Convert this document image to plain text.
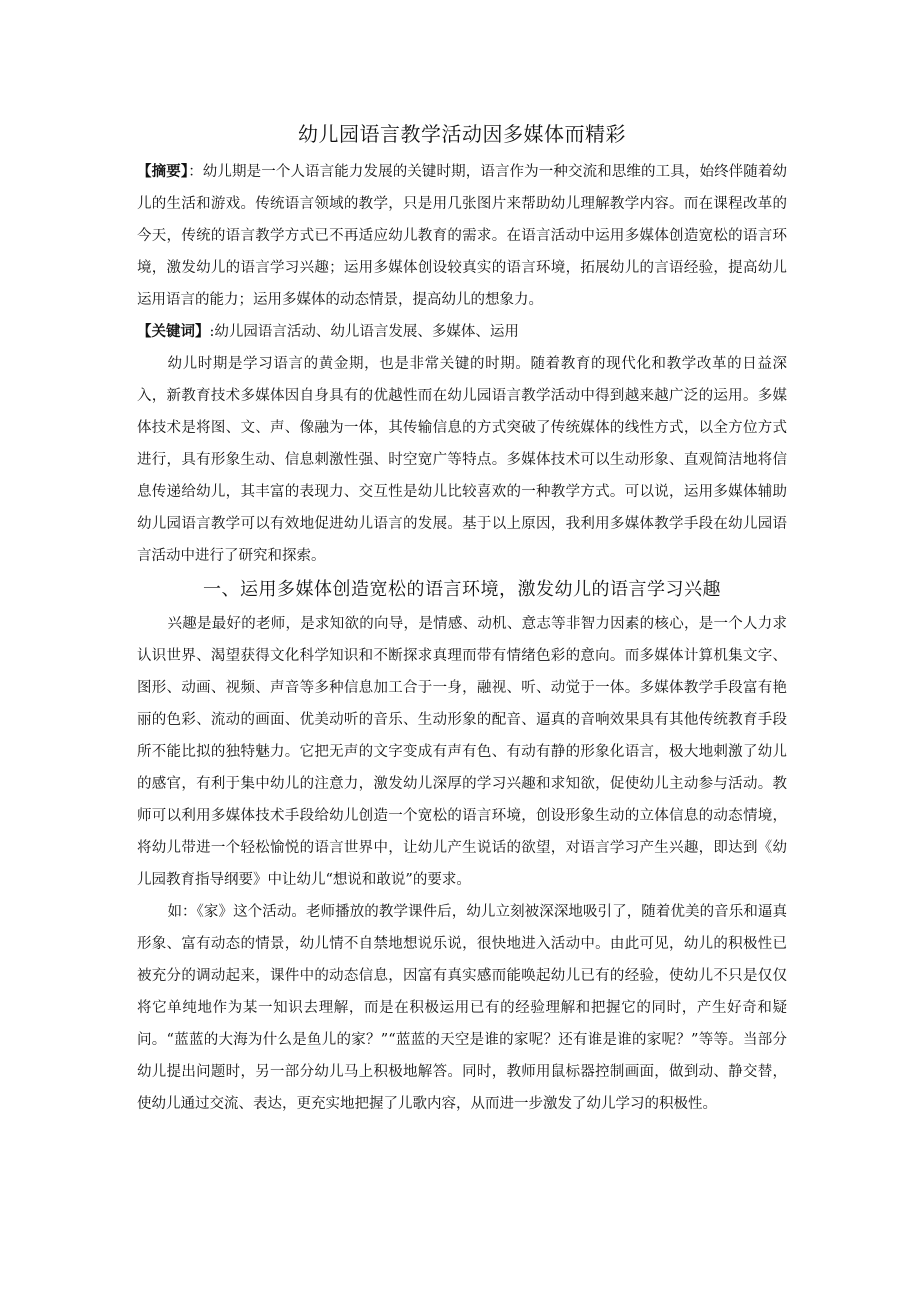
幼儿园语言教学活动因多媒体而精彩

【摘要】：幼儿期是一个人语言能力发展的关键时期，语言作为一种交流和思维的工具，始终伴随着幼儿的生活和游戏。传统语言领域的教学，只是用几张图片来帮助幼儿理解教学内容。而在课程改革的今天，传统的语言教学方式已不再适应幼儿教育的需求。在语言活动中运用多媒体创造宽松的语言环境，激发幼儿的语言学习兴趣；运用多媒体创设较真实的语言环境，拓展幼儿的言语经验，提高幼儿运用语言的能力；运用多媒体的动态情景，提高幼儿的想象力。

【关键词】:幼儿园语言活动、幼儿语言发展、多媒体、运用

幼儿时期是学习语言的黄金期，也是非常关键的时期。随着教育的现代化和教学改革的日益深入，新教育技术多媒体因自身具有的优越性而在幼儿园语言教学活动中得到越来越广泛的运用。多媒体技术是将图、文、声、像融为一体，其传输信息的方式突破了传统媒体的线性方式，以全方位方式进行，具有形象生动、信息刺激性强、时空宽广等特点。多媒体技术可以生动形象、直观简洁地将信息传递给幼儿，其丰富的表现力、交互性是幼儿比较喜欢的一种教学方式。可以说，运用多媒体辅助幼儿园语言教学可以有效地促进幼儿语言的发展。基于以上原因，我利用多媒体教学手段在幼儿园语言活动中进行了研究和探索。

一、运用多媒体创造宽松的语言环境，激发幼儿的语言学习兴趣

兴趣是最好的老师，是求知欲的向导，是情感、动机、意志等非智力因素的核心，是一个人力求认识世界、渴望获得文化科学知识和不断探求真理而带有情绪色彩的意向。而多媒体计算机集文字、图形、动画、视频、声音等多种信息加工合于一身，融视、听、动觉于一体。多媒体教学手段富有艳丽的色彩、流动的画面、优美动听的音乐、生动形象的配音、逼真的音响效果具有其他传统教育手段所不能比拟的独特魅力。它把无声的文字变成有声有色、有动有静的形象化语言，极大地刺激了幼儿的感官，有利于集中幼儿的注意力，激发幼儿深厚的学习兴趣和求知欲，促使幼儿主动参与活动。教师可以利用多媒体技术手段给幼儿创造一个宽松的语言环境，创设形象生动的立体信息的动态情境，将幼儿带进一个轻松愉悦的语言世界中，让幼儿产生说话的欲望，对语言学习产生兴趣，即达到《幼儿园教育指导纲要》中让幼儿“想说和敢说”的要求。

如：《家》这个活动。老师播放的教学课件后，幼儿立刻被深深地吸引了，随着优美的音乐和逼真形象、富有动态的情景，幼儿情不自禁地想说乐说，很快地进入活动中。由此可见，幼儿的积极性已被充分的调动起来，课件中的动态信息，因富有真实感而能唤起幼儿已有的经验，使幼儿不只是仅仅将它单纯地作为某一知识去理解，而是在积极运用已有的经验理解和把握它的同时，产生好奇和疑问。“蓝蓝的大海为什么是鱼儿的家？”“蓝蓝的天空是谁的家呢？还有谁是谁的家呢？”等等。当部分幼儿提出问题时，另一部分幼儿马上积极地解答。同时，教师用鼠标器控制画面，做到动、静交替，使幼儿通过交流、表达，更充实地把握了儿歌内容，从而进一步激发了幼儿学习的积极性。
